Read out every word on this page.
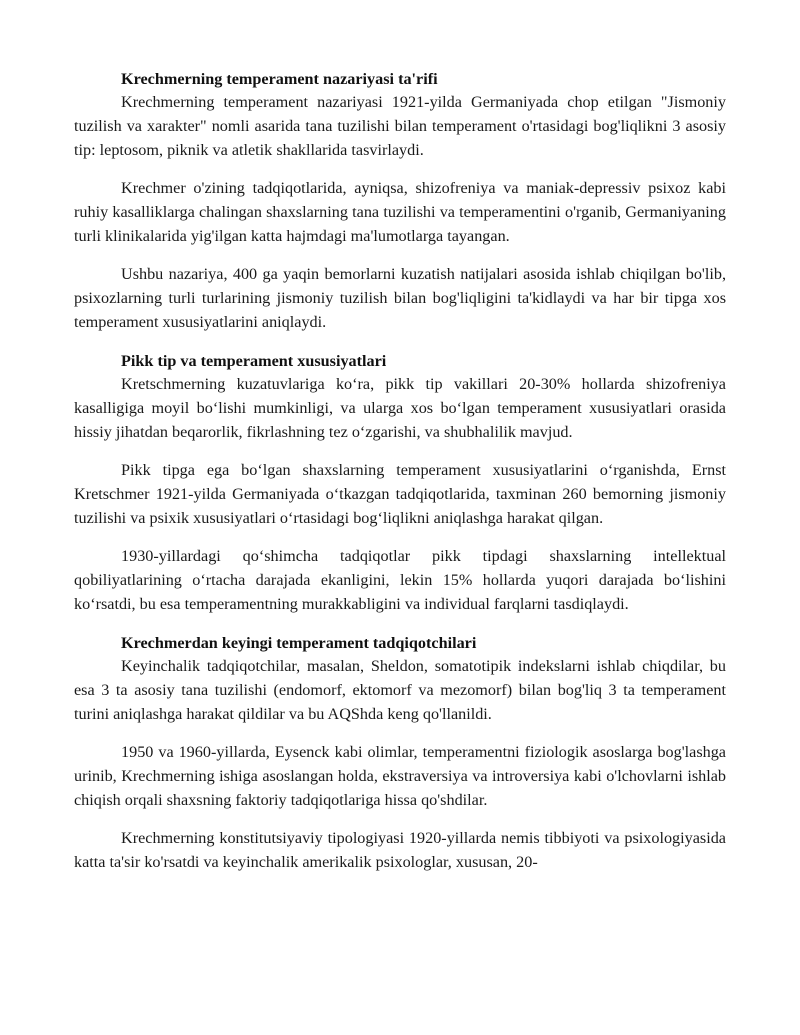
Krechmerning temperament nazariyasi ta'rifi

Krechmerning temperament nazariyasi 1921-yilda Germaniyada chop etilgan "Jismoniy tuzilish va xarakter" nomli asarida tana tuzilishi bilan temperament o'rtasidagi bog'liqlikni 3 asosiy tip: leptosom, piknik va atletik shakllarida tasvirlaydi.

Krechmer o'zining tadqiqotlarida, ayniqsa, shizofreniya va maniak-depressiv psixoz kabi ruhiy kasalliklarga chalingan shaxslarning tana tuzilishi va temperamentini o'rganib, Germaniyaning turli klinikalarida yig'ilgan katta hajmdagi ma'lumotlarga tayangan.

Ushbu nazariya, 400 ga yaqin bemorlarni kuzatish natijalari asosida ishlab chiqilgan bo'lib, psixozlarning turli turlarining jismoniy tuzilish bilan bog'liqligini ta'kidlaydi va har bir tipga xos temperament xususiyatlarini aniqlaydi.

Pikk tip va temperament xususiyatlari

Kretschmerning kuzatuvlariga ko‘ra, pikk tip vakillari 20-30% hollarda shizofreniya kasalligiga moyil bo‘lishi mumkinligi, va ularga xos bo‘lgan temperament xususiyatlari orasida hissiy jihatdan beqarorlik, fikrlashning tez o‘zgarishi, va shubhalilik mavjud.

Pikk tipga ega bo‘lgan shaxslarning temperament xususiyatlarini o‘rganishda, Ernst Kretschmer 1921-yilda Germaniyada o‘tkazgan tadqiqotlarida, taxminan 260 bemorning jismoniy tuzilishi va psixik xususiyatlari o‘rtasidagi bog‘liqlikni aniqlashga harakat qilgan.

1930-yillardagi qo‘shimcha tadqiqotlar pikk tipdagi shaxslarning intellektual qobiliyatlarining o‘rtacha darajada ekanligini, lekin 15% hollarda yuqori darajada bo‘lishini ko‘rsatdi, bu esa temperamentning murakkabligini va individual farqlarni tasdiqlaydi.

Krechmerdan keyingi temperament tadqiqotchilari

Keyinchalik tadqiqotchilar, masalan, Sheldon, somatotipik indekslarni ishlab chiqdilar, bu esa 3 ta asosiy tana tuzilishi (endomorf, ektomorf va mezomorf) bilan bog'liq 3 ta temperament turini aniqlashga harakat qildilar va bu AQShda keng qo'llanildi.

1950 va 1960-yillarda, Eysenck kabi olimlar, temperamentni fiziologik asoslarga bog'lashga urinib, Krechmerning ishiga asoslangan holda, ekstraversiya va introversiya kabi o'lchovlarni ishlab chiqish orqali shaxsning faktoriy tadqiqotlariga hissa qo'shdilar.

Krechmerning konstitutsiyaviy tipologiyasi 1920-yillarda nemis tibbiyoti va psixologiyasida katta ta'sir ko'rsatdi va keyinchalik amerikalik psixologlar, xususan, 20-
